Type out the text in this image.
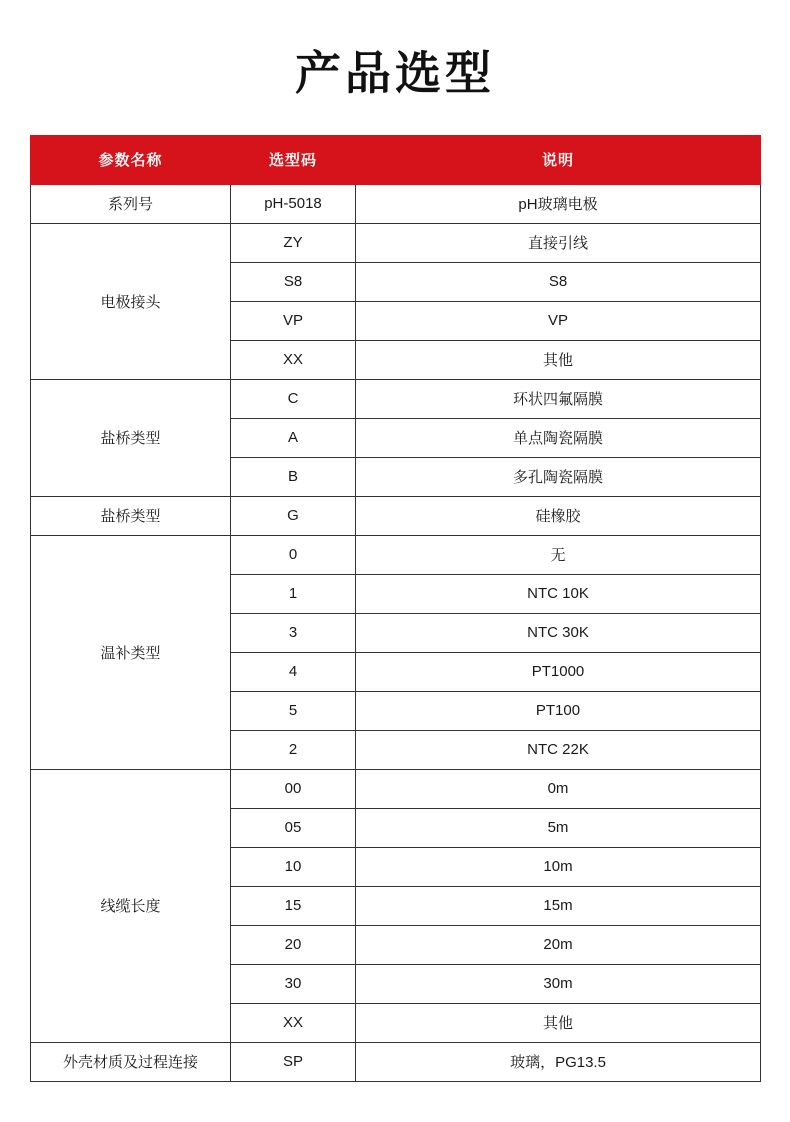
产品选型
参数名称	选型码	说明
系列号	pH-5018	pH玻璃电极
电极接头	ZY	直接引线
	S8	S8
	VP	VP
	XX	其他
盐桥类型	C	环状四氟隔膜
	A	单点陶瓷隔膜
	B	多孔陶瓷隔膜
盐桥类型	G	硅橡胶
温补类型	0	无
	1	NTC 10K
	3	NTC 30K
	4	PT1000
	5	PT100
	2	NTC 22K
线缆长度	00	0m
	05	5m
	10	10m
	15	15m
	20	20m
	30	30m
	XX	其他
外壳材质及过程连接	SP	玻璃，PG13.5
